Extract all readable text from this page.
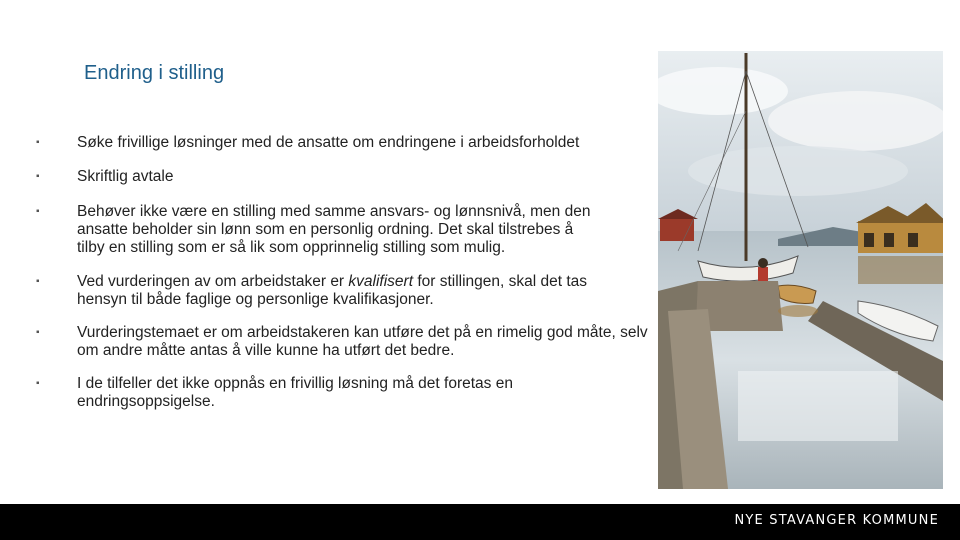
Endring i stilling
▪ Søke frivillige løsninger med de ansatte om endringene i arbeidsforholdet
▪ Skriftlig avtale
▪ Behøver ikke være en stilling med samme ansvars- og lønnsnivå, men den ansatte beholder sin lønn som en personlig ordning. Det skal tilstrebes å tilby en stilling som er så lik som opprinnelig stilling som mulig.
▪ Ved vurderingen av om arbeidstaker er kvalifisert for stillingen, skal det tas hensyn til både faglige og personlige kvalifikasjoner.
▪ Vurderingstemaet er om arbeidstakeren kan utføre det på en rimelig god måte, selv om andre måtte antas å ville kunne ha utført det bedre.
▪ I de tilfeller det ikke oppnås en frivillig løsning må det foretas en endringsoppsigelse.
NYE STAVANGER KOMMUNE
